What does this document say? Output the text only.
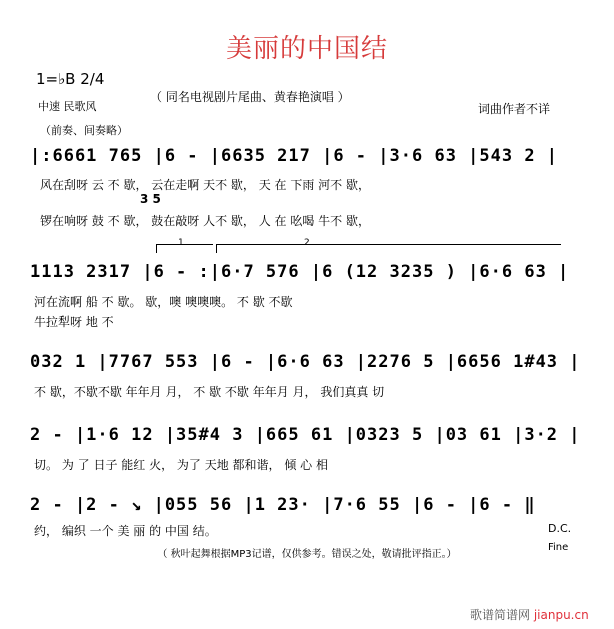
美丽的中国结
（ 同名电视剧片尾曲、黄春艳演唱 ）
词曲作者不详
1=♭B 2/4
中速 民歌风
（前奏、间奏略）
|:6661 765 |6 - |6635 217 |6 - |3·6 63 |543 2 |
风在刮呀 云 不 歇， 云在走啊 天不 歇， 天 在 下雨 河不 歇，
锣在响呀 鼓 不 歇， 鼓在敲呀 人不 歇， 人 在 吆喝 牛不 歇，
3 5
1	2
1113 2317 |6 - :|6·7 576 |6 (12 3235 ) |6·6 63 |
河在流啊 船 不 歇。 歇，噢 噢噢噢。 不 歇 不歇
牛拉犁呀 地 不
032 1 |7767 553 |6 - |6·6 63 |2276 5 |6656 1#43 |
不 歇，不歇不歇 年年月 月， 不 歇 不歇 年年月 月， 我们真真 切
2 - |1·6 12 |35#4 3 |665 61 |0323 5 |03 61 |3·2 |
切。 为 了 日子 能红 火， 为了 天地 都和谐， 倾 心 相
2 - |2 - ↘ |055 56 |1 23· |7·6 55 |6 - |6 - ‖
约， 编织 一个 美 丽 的 中国 结。	D.C.
Fine
（ 秋叶起舞根据MP3记谱，仅供参考。错误之处，敬请批评指正。）
歌谱简谱网 jianpu.cn
